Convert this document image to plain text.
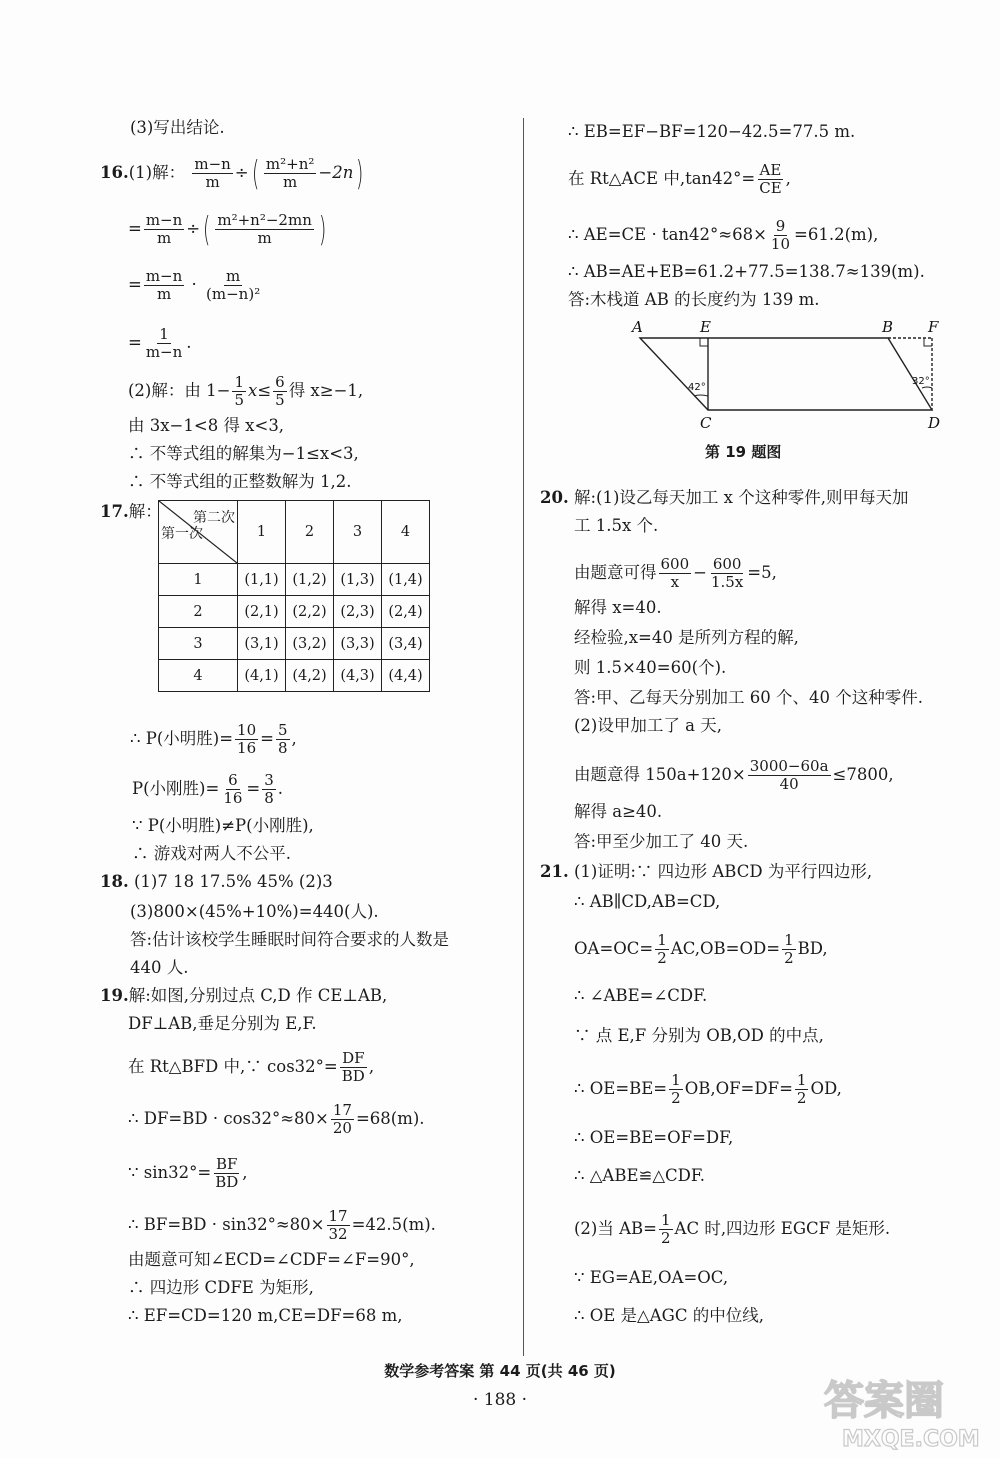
(3)写出结论.
16.(1)解： $\frac{m-n}{m}$ ÷( $\frac{\text{m²+n²}}{m} -2n$)
= $\frac{m-n}{m}$ ÷( $\frac{\text{m²+n²−2mn}}{m}$ )
= $\frac{m-n}{m} \cdot \frac{m}{\text{(m−n)²}}$
= $\frac{1}{m-n}$ .
(2)解：由 $1- \frac{1}{5} x\le \frac{6}{5}$ 得 x≥−1,
由 3x−1<8 得 x<3,
∴ 不等式组的解集为−1≤x<3,
∴ 不等式组的正整数解为 1,2.
17.解： 第二次
第一次	1	2	3	4
1	(1,1)	(1,2)	(1,3)	(1,4)
2	(2,1)	(2,2)	(2,3)	(2,4)
3	(3,1)	(3,2)	(3,3)	(3,4)
4	(4,1)	(4,2)	(4,3)	(4,4)
∴ P(小明胜)= $\frac{10}{16} = \frac{5}{8}$ ,
P(小刚胜)= $\frac{6}{16} = \frac{3}{8}$ .
∵ P(小明胜)≠P(小刚胜),
∴ 游戏对两人不公平.
18. (1)7 18 17.5% 45% (2)3
(3)800×(45%+10%)=440(人).
答:估计该校学生睡眠时间符合要求的人数是
440 人.
19.解:如图,分别过点 C,D 作 CE⊥AB,
DF⊥AB,垂足分别为 E,F.
在 Rt△BFD 中,∵ $\cos 32^\circ= \frac{DF}{BD}$ ,
∴ $DF=BD \cdot \cos 32^\circ\approx 80\times \frac{17}{20} =68(m)$.
∵ $\sin 32^\circ= \frac{BF}{BD}$ ,
∴ $BF=BD \cdot \sin 32^\circ\approx 80\times \frac{17}{32} =42.5(m)$.
由题意可知∠ECD=∠CDF=∠F=90°,
∴ 四边形 CDFE 为矩形,
∴ EF=CD=120 m,CE=DF=68 m,
∴ EB=EF−BF=120−42.5=77.5 m.
在 Rt△ACE 中$,\tan 42^\circ= \frac{AE}{CE}$ ,
∴ $AE=CE \cdot \tan 42^\circ\approx 68\times \frac{9}{10} =61.2(m)$,
∴ AB=AE+EB=61.2+77.5=138.7≈139(m).
答:木栈道 AB 的长度约为 139 m.
A	E	B F
C	D
42°
32°
第 19 题图
20. 解:(1)设乙每天加工 x 个这种零件,则甲每天加
工 1.5x 个.
由题意可得 $\frac{600}{x} - \frac{600}{1.5x} =5$,
解得 x=40.
经检验,x=40 是所列方程的解,
则 1.5×40=60(个).
答:甲、乙每天分别加工 60 个、40 个这种零件.
(2)设甲加工了 a 天,
由题意得 $150a+120\times \frac{3000-60a}{40} \le 7800$,
解得 a≥40.
答:甲至少加工了 40 天.
21. (1)证明:∵ 四边形 ABCD 为平行四边形,
∴ AB∥CD,AB=CD,
$OA=OC= \frac{1}{2} AC,OB=OD= \frac{1}{2}$ BD,
∴ ∠ABE=∠CDF.
∵ 点 E,F 分别为 OB,OD 的中点,
∴ $OE=BE= \frac{1}{2} OB,OF=DF= \frac{1}{2}$ OD,
∴ OE=BE=OF=DF,
∴ △ABE≌△CDF.
(2)当 $AB= \frac{1}{2}$ AC 时,四边形 EGCF 是矩形.
∵ EG=AE,OA=OC,
∴ OE 是△AGC 的中位线,
数学参考答案 第 44 页(共 46 页)
· 188 ·	答案圈
MXQE.COM
